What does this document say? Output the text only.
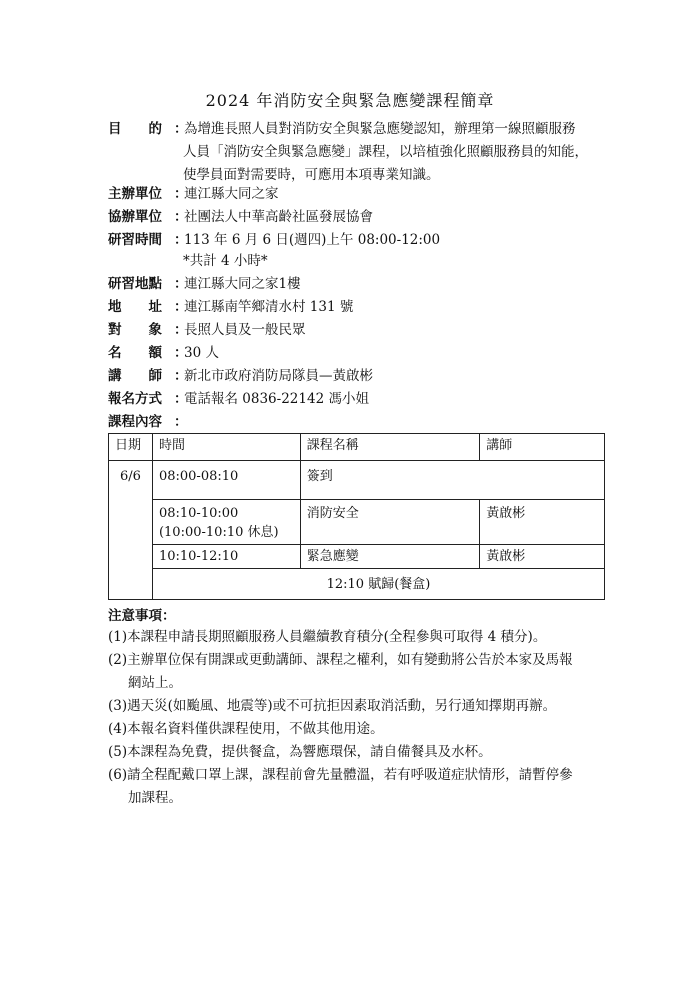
2024 年消防安全與緊急應變課程簡章
目　　的 ：
為增進長照人員對消防安全與緊急應變認知，辦理第一線照顧服務
人員「消防安全與緊急應變」課程，以培植強化照顧服務員的知能，
使學員面對需要時，可應用本項專業知識。
主辦單位 ：
連江縣大同之家
協辦單位 ：
社團法人中華高齡社區發展協會
研習時間 ：
113 年 6 月 6 日(週四)上午 08:00-12:00
*共計 4 小時*
研習地點 ：
連江縣大同之家1樓
地　　址 ：
連江縣南竿鄉清水村 131 號
對　　象 ：
長照人員及一般民眾
名　　額 ：
30 人
講　　師 ：
新北市政府消防局隊員—黃啟彬
報名方式 ：
電話報名 0836-22142 馮小姐
課程內容 ：
日期	時間	課程名稱	講師
6/6	08:00-08:10	簽到	

	08:10-10:00
(10:00-10:10 休息)	消防安全	黃啟彬
	10:10-12:10	緊急應變	黃啟彬
	12:10 賦歸(餐盒)		
注意事項：
(1)本課程申請長期照顧服務人員繼續教育積分(全程參與可取得 4 積分)。
(2)主辦單位保有開課或更動講師、課程之權利，如有變動將公告於本家及馬報
網站上。
(3)遇天災(如颱風、地震等)或不可抗拒因素取消活動，另行通知擇期再辦。
(4)本報名資料僅供課程使用，不做其他用途。
(5)本課程為免費，提供餐盒，為響應環保，請自備餐具及水杯。
(6)請全程配戴口罩上課，課程前會先量體溫，若有呼吸道症狀情形，請暫停參
加課程。
